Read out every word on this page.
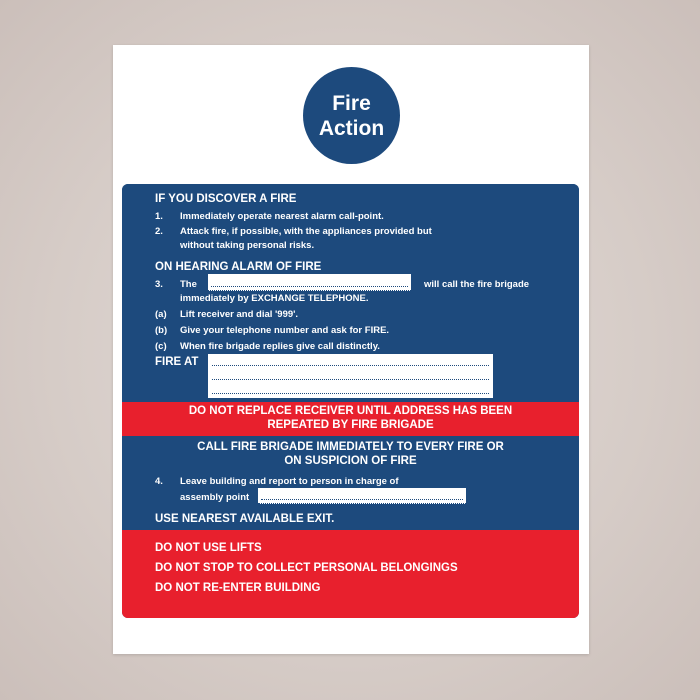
Fire
Action
IF YOU DISCOVER A FIRE
1. Immediately operate nearest alarm call-point.
2. Attack fire, if possible, with the appliances provided but
without taking personal risks.
ON HEARING ALARM OF FIRE
3. The	will call the fire brigade
immediately by EXCHANGE TELEPHONE.
(a) Lift receiver and dial '999'.
(b) Give your telephone number and ask for FIRE.
(c) When fire brigade replies give call distinctly.
FIRE AT
DO NOT REPLACE RECEIVER UNTIL ADDRESS HAS BEEN
REPEATED BY FIRE BRIGADE
CALL FIRE BRIGADE IMMEDIATELY TO EVERY FIRE OR
ON SUSPICION OF FIRE
4. Leave building and report to person in charge of
assembly point
USE NEAREST AVAILABLE EXIT.
DO NOT USE LIFTS
DO NOT STOP TO COLLECT PERSONAL BELONGINGS
DO NOT RE-ENTER BUILDING
